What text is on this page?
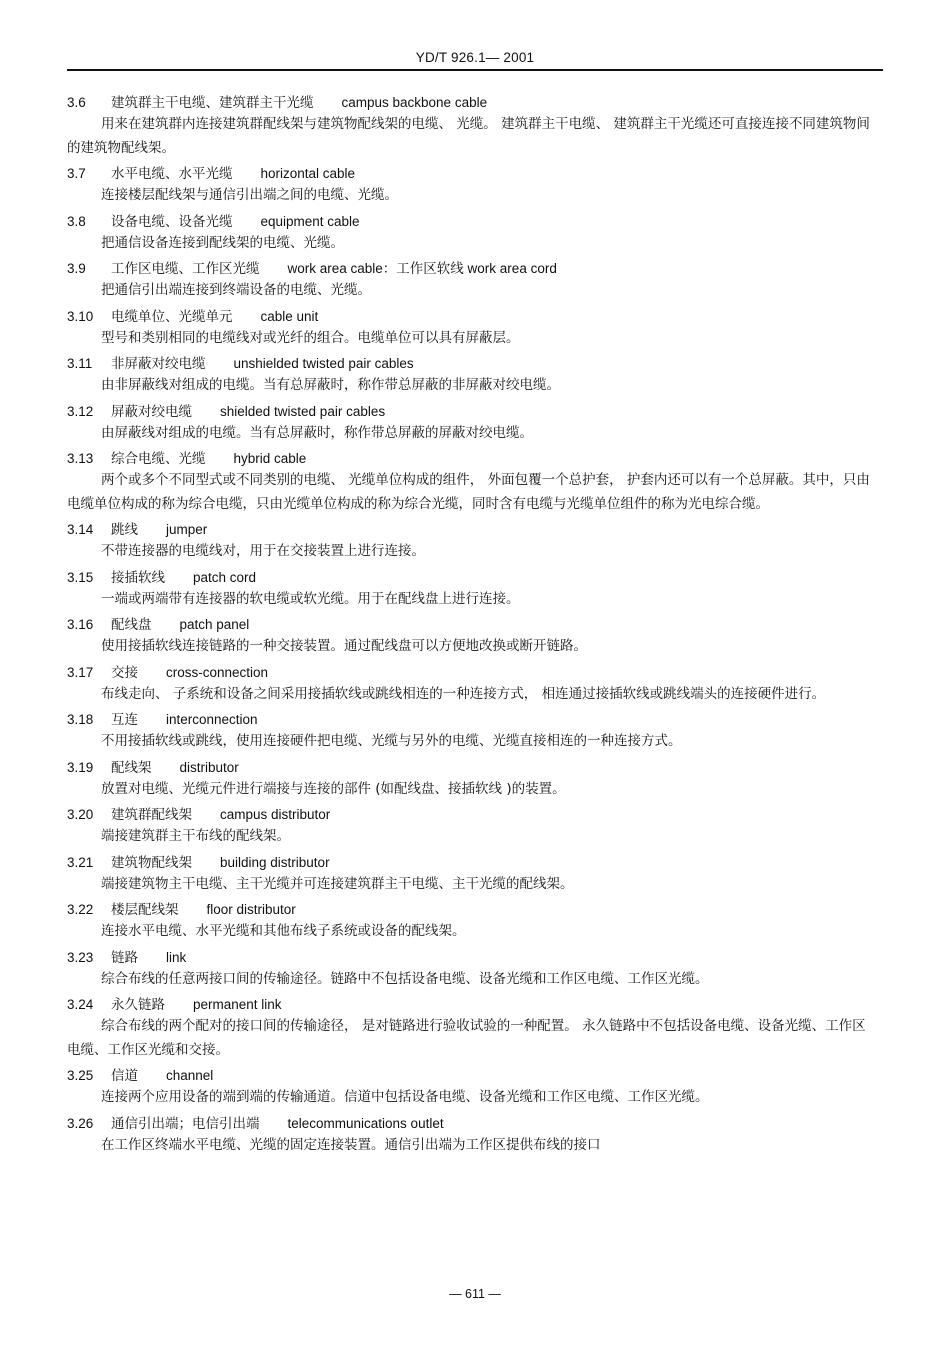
YD/T 926.1— 2001
3.6 建筑群主干电缆、建筑群主干光缆 campus backbone cable

用来在建筑群内连接建筑群配线架与建筑物配线架的电缆、 光缆。 建筑群主干电缆、 建筑群主干光缆还可直接连接不同建筑物间的建筑物配线架。

3.7 水平电缆、水平光缆 horizontal cable

连接楼层配线架与通信引出端之间的电缆、光缆。

3.8 设备电缆、设备光缆 equipment cable

把通信设备连接到配线架的电缆、光缆。

3.9 工作区电缆、工作区光缆 work area cable：工作区软线 work area cord

把通信引出端连接到终端设备的电缆、光缆。

3.10 电缆单位、光缆单元 cable unit

型号和类别相同的电缆线对或光纤的组合。电缆单位可以具有屏蔽层。

3.11 非屏蔽对绞电缆 unshielded twisted pair cables

由非屏蔽线对组成的电缆。当有总屏蔽时，称作带总屏蔽的非屏蔽对绞电缆。

3.12 屏蔽对绞电缆 shielded twisted pair cables

由屏蔽线对组成的电缆。当有总屏蔽时，称作带总屏蔽的屏蔽对绞电缆。

3.13 综合电缆、光缆 hybrid cable

两个或多个不同型式或不同类别的电缆、 光缆单位构成的组件， 外面包覆一个总护套， 护套内还可以有一个总屏蔽。其中，只由电缆单位构成的称为综合电缆，只由光缆单位构成的称为综合光缆，同时含有电缆与光缆单位组件的称为光电综合缆。

3.14 跳线 jumper

不带连接器的电缆线对，用于在交接装置上进行连接。

3.15 接插软线 patch cord

一端或两端带有连接器的软电缆或软光缆。用于在配线盘上进行连接。

3.16 配线盘 patch panel

使用接插软线连接链路的一种交接装置。通过配线盘可以方便地改换或断开链路。

3.17 交接 cross-connection

布线走向、 子系统和设备之间采用接插软线或跳线相连的一种连接方式， 相连通过接插软线或跳线端头的连接硬件进行。

3.18 互连 interconnection

不用接插软线或跳线，使用连接硬件把电缆、光缆与另外的电缆、光缆直接相连的一种连接方式。

3.19 配线架 distributor

放置对电缆、光缆元件进行端接与连接的部件 (如配线盘、接插软线 )的装置。

3.20 建筑群配线架 campus distributor

端接建筑群主干布线的配线架。

3.21 建筑物配线架 building distributor

端接建筑物主干电缆、主干光缆并可连接建筑群主干电缆、主干光缆的配线架。

3.22 楼层配线架 floor distributor

连接水平电缆、水平光缆和其他布线子系统或设备的配线架。

3.23 链路 link

综合布线的任意两接口间的传输途径。链路中不包括设备电缆、设备光缆和工作区电缆、工作区光缆。

3.24 永久链路 permanent link

综合布线的两个配对的接口间的传输途径， 是对链路进行验收试验的一种配置。 永久链路中不包括设备电缆、设备光缆、工作区电缆、工作区光缆和交接。

3.25 信道 channel

连接两个应用设备的端到端的传输通道。信道中包括设备电缆、设备光缆和工作区电缆、工作区光缆。

3.26 通信引出端；电信引出端 telecommunications outlet

在工作区终端水平电缆、光缆的固定连接装置。通信引出端为工作区提供布线的接口

— 611 —
